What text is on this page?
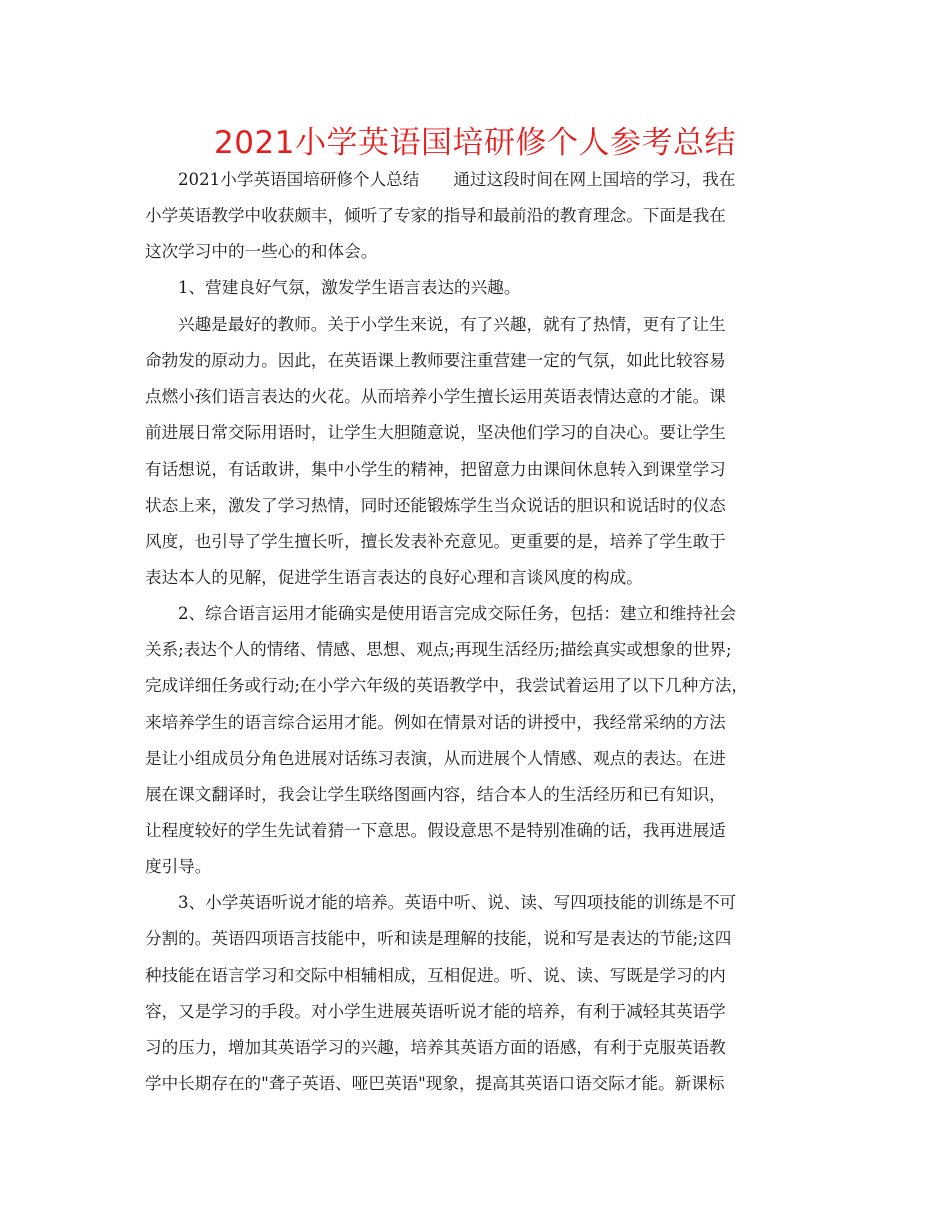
2021小学英语国培研修个人参考总结
2021小学英语国培研修个人总结 通过这段时间在网上国培的学习，我在
小学英语教学中收获颇丰，倾听了专家的指导和最前沿的教育理念。下面是我在
这次学习中的一些心的和体会。
1、营建良好气氛，激发学生语言表达的兴趣。
兴趣是最好的教师。关于小学生来说，有了兴趣，就有了热情，更有了让生
命勃发的原动力。因此，在英语课上教师要注重营建一定的气氛，如此比较容易
点燃小孩们语言表达的火花。从而培养小学生擅长运用英语表情达意的才能。课
前进展日常交际用语时，让学生大胆随意说，坚决他们学习的自决心。要让学生
有话想说，有话敢讲，集中小学生的精神，把留意力由课间休息转入到课堂学习
状态上来，激发了学习热情，同时还能锻炼学生当众说话的胆识和说话时的仪态
风度，也引导了学生擅长听，擅长发表补充意见。更重要的是，培养了学生敢于
表达本人的见解，促进学生语言表达的良好心理和言谈风度的构成。
2、综合语言运用才能确实是使用语言完成交际任务，包括：建立和维持社会
关系;表达个人的情绪、情感、思想、观点;再现生活经历;描绘真实或想象的世界;
完成详细任务或行动;在小学六年级的英语教学中，我尝试着运用了以下几种方法，
来培养学生的语言综合运用才能。例如在情景对话的讲授中，我经常采纳的方法
是让小组成员分角色进展对话练习表演，从而进展个人情感、观点的表达。在进
展在课文翻译时，我会让学生联络图画内容，结合本人的生活经历和已有知识，
让程度较好的学生先试着猜一下意思。假设意思不是特别准确的话，我再进展适
度引导。
3、小学英语听说才能的培养。英语中听、说、读、写四项技能的训练是不可
分割的。英语四项语言技能中，听和读是理解的技能，说和写是表达的节能;这四
种技能在语言学习和交际中相辅相成，互相促进。听、说、读、写既是学习的内
容，又是学习的手段。对小学生进展英语听说才能的培养，有利于减轻其英语学
习的压力，增加其英语学习的兴趣，培养其英语方面的语感，有利于克服英语教
学中长期存在的"聋子英语、哑巴英语"现象，提高其英语口语交际才能。新课标
